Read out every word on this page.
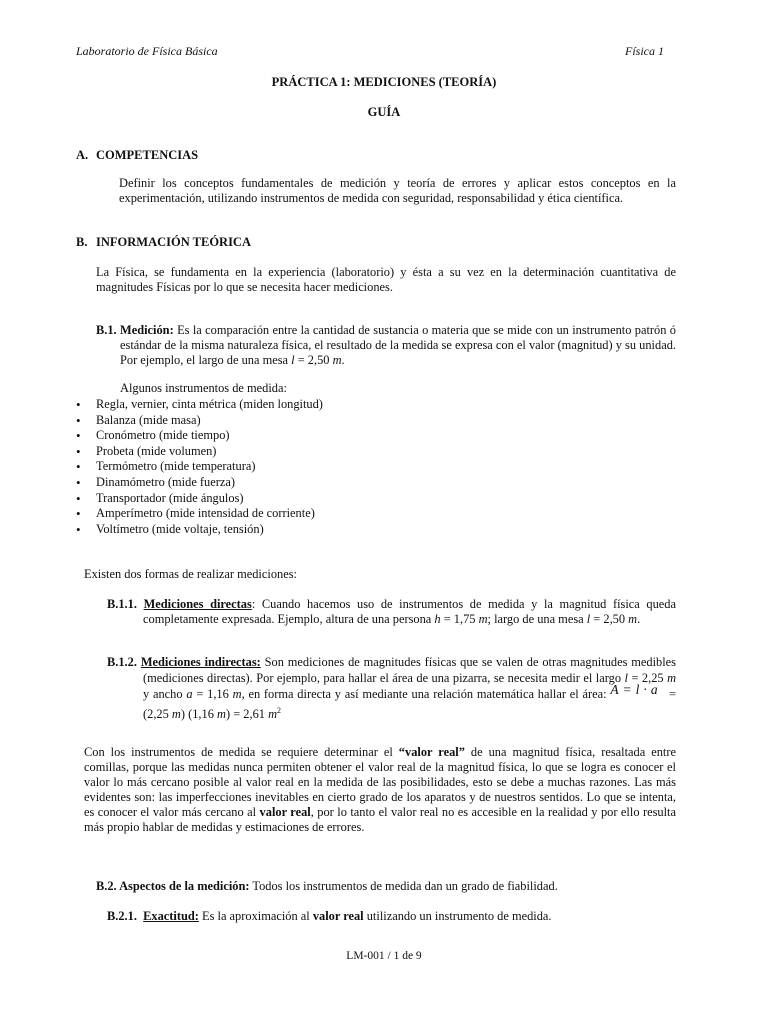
Laboratorio de Física Básica	Física 1
PRÁCTICA 1: MEDICIONES (TEORÍA)
GUÍA
A. COMPETENCIAS
Definir los conceptos fundamentales de medición y teoría de errores y aplicar estos conceptos en la experimentación, utilizando instrumentos de medida con seguridad, responsabilidad y ética científica.
B. INFORMACIÓN TEÓRICA
La Física, se fundamenta en la experiencia (laboratorio) y ésta a su vez en la determinación cuantitativa de magnitudes Físicas por lo que se necesita hacer mediciones.
B.1. Medición: Es la comparación entre la cantidad de sustancia o materia que se mide con un instrumento patrón ó estándar de la misma naturaleza física, el resultado de la medida se expresa con el valor (magnitud) y su unidad. Por ejemplo, el largo de una mesa l = 2,50 m.
Algunos instrumentos de medida:
• Regla, vernier, cinta métrica (miden longitud)
• Balanza (mide masa)
• Cronómetro (mide tiempo)
• Probeta (mide volumen)
• Termómetro (mide temperatura)
• Dinamómetro (mide fuerza)
• Transportador (mide ángulos)
• Amperímetro (mide intensidad de corriente)
• Voltímetro (mide voltaje, tensión)
Existen dos formas de realizar mediciones:
B.1.1. Mediciones directas: Cuando hacemos uso de instrumentos de medida y la magnitud física queda completamente expresada. Ejemplo, altura de una persona h = 1,75 m; largo de una mesa l = 2,50 m.
B.1.2. Mediciones indirectas: Son mediciones de magnitudes físicas que se valen de otras magnitudes medibles (mediciones directas). Por ejemplo, para hallar el área de una pizarra, se necesita medir el largo l = 2,25 m y ancho a = 1,16 m, en forma directa y así mediante una relación matemática hallar el área: A = l · a = (2,25 m) (1,16 m) = 2,61 $m^2$
Con los instrumentos de medida se requiere determinar el “valor real” de una magnitud física, resaltada entre comillas, porque las medidas nunca permiten obtener el valor real de la magnitud física, lo que se logra es conocer el valor lo más cercano posible al valor real en la medida de las posibilidades, esto se debe a muchas razones. Las más evidentes son: las imperfecciones inevitables en cierto grado de los aparatos y de nuestros sentidos. Lo que se intenta, es conocer el valor más cercano al valor real, por lo tanto el valor real no es accesible en la realidad y por ello resulta más propio hablar de medidas y estimaciones de errores.
B.2. Aspectos de la medición: Todos los instrumentos de medida dan un grado de fiabilidad.
B.2.1. Exactitud: Es la aproximación al valor real utilizando un instrumento de medida.
LM-001 / 1 de 9
